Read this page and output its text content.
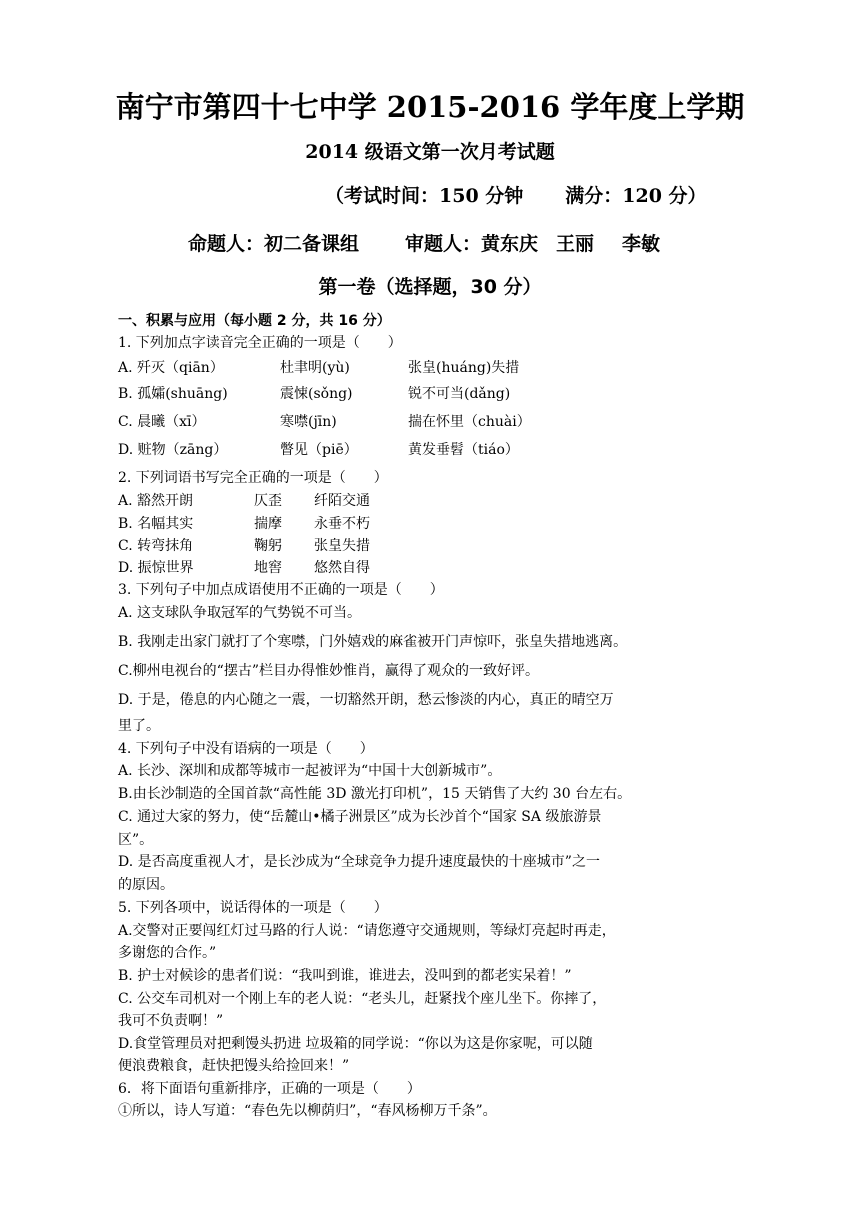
南宁市第四十七中学 2015-2016 学年度上学期
2014 级语文第一次月考试题
（考试时间：150 分钟 满分：120 分）
命题人：初二备课组 审题人：黄东庆 王丽 李敏
第一卷（选择题，30 分）
一、积累与应用（每小题 2 分，共 16 分）
1. 下列加点字读音完全正确的一项是（　　）
A. 歼灭（qiān）	杜聿明(yù)	张皇(huáng)失措
B. 孤孀(shuāng)	震悚(sǒng)	锐不可当(dǎng)
C. 晨曦（xī）	寒噤(jīn)	揣在怀里（chuài）
D. 赃物（zāng）	瞥见（piē）	黄发垂髫（tiáo）
2. 下列词语书写完全正确的一项是（　　）
A. 豁然开朗	仄歪 纤陌交通
B. 名幅其实	揣摩 永垂不朽
C. 转弯抹角	鞠躬 张皇失措
D. 振惊世界	地窖 悠然自得
3. 下列句子中加点成语使用不正确的一项是（　　）
A. 这支球队争取冠军的气势锐不可当。
B. 我刚走出家门就打了个寒噤，门外嬉戏的麻雀被开门声惊吓，张皇失措地逃离。
C.柳州电视台的“摆古”栏目办得惟妙惟肖，赢得了观众的一致好评。
D. 于是，倦息的内心随之一震，一切豁然开朗，愁云惨淡的内心，真正的晴空万
里了。
4. 下列句子中没有语病的一项是（　　）
A. 长沙、深圳和成都等城市一起被评为“中国十大创新城市”。
B.由长沙制造的全国首款“高性能 3D 激光打印机”，15 天销售了大约 30 台左右。
C. 通过大家的努力，使“岳麓山•橘子洲景区”成为长沙首个“国家 SA 级旅游景
区”。
D. 是否高度重视人才，是长沙成为“全球竞争力提升速度最快的十座城市”之一
的原因。
5. 下列各项中，说话得体的一项是（　　）
A.交警对正要闯红灯过马路的行人说：“请您遵守交通规则，等绿灯亮起时再走，
多谢您的合作。”
B. 护士对候诊的患者们说：“我叫到谁，谁进去，没叫到的都老实呆着！”
C. 公交车司机对一个刚上车的老人说：“老头儿，赶紧找个座儿坐下。你摔了，
我可不负责啊！”
D.食堂管理员对把剩馒头扔进 垃圾箱的同学说：“你以为这是你家呢，可以随
便浪费粮食，赶快把馒头给捡回来！”
6．将下面语句重新排序，正确的一项是（　　）
①所以，诗人写道：“春色先以柳荫归”，“春风杨柳万千条”。
